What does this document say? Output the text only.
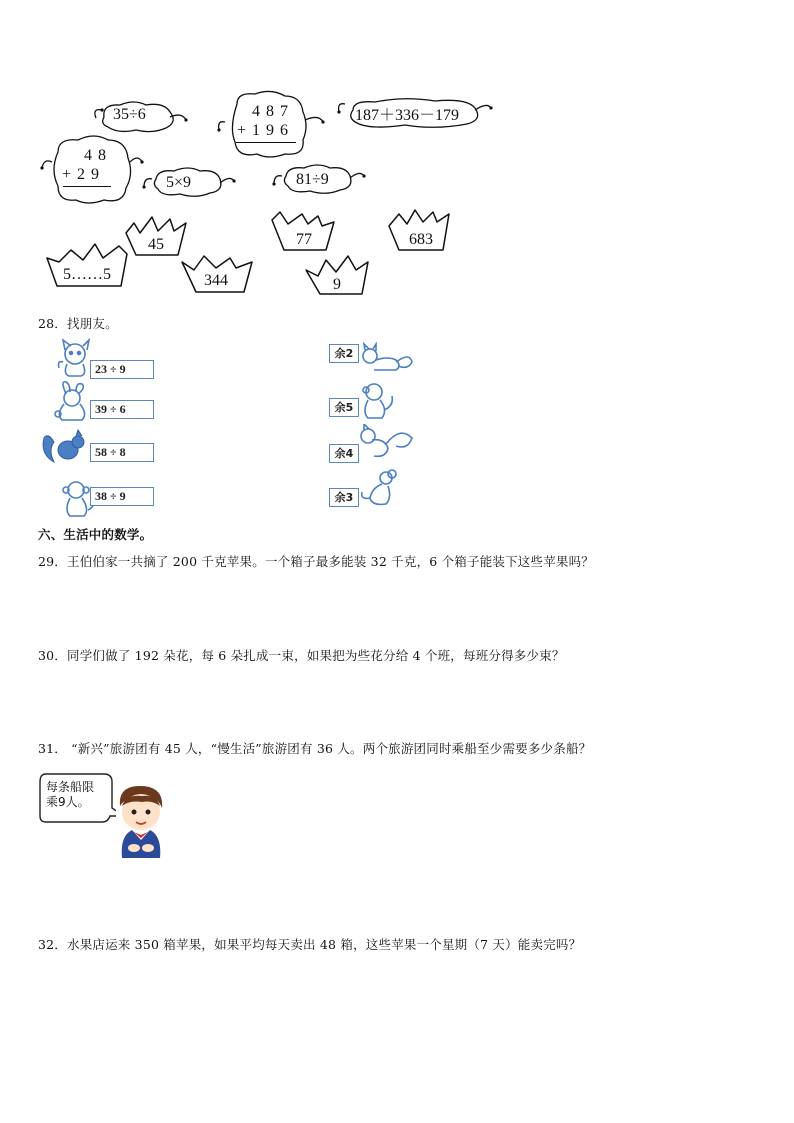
35÷6	4 8 7
+ 1 9 6
187＋336－179
4 8
+ 2 9	5×9	81÷9
45	77	683
5……5	344	9
28．找朋友。
23 ÷ 9
39 ÷ 6
58 ÷ 8
38 ÷ 9
余2
余5
余4
余3
六、生活中的数学。
29．王伯伯家一共摘了 200 千克苹果。一个箱子最多能装 32 千克，6 个箱子能装下这些苹果吗？
30．同学们做了 192 朵花，每 6 朵扎成一束，如果把为些花分给 4 个班，每班分得多少束？
31． “新兴”旅游团有 45 人，“慢生活”旅游团有 36 人。两个旅游团同时乘船至少需要多少条船？
每条船限
乘9人。
32．水果店运来 350 箱苹果，如果平均每天卖出 48 箱，这些苹果一个星期（7 天）能卖完吗？
